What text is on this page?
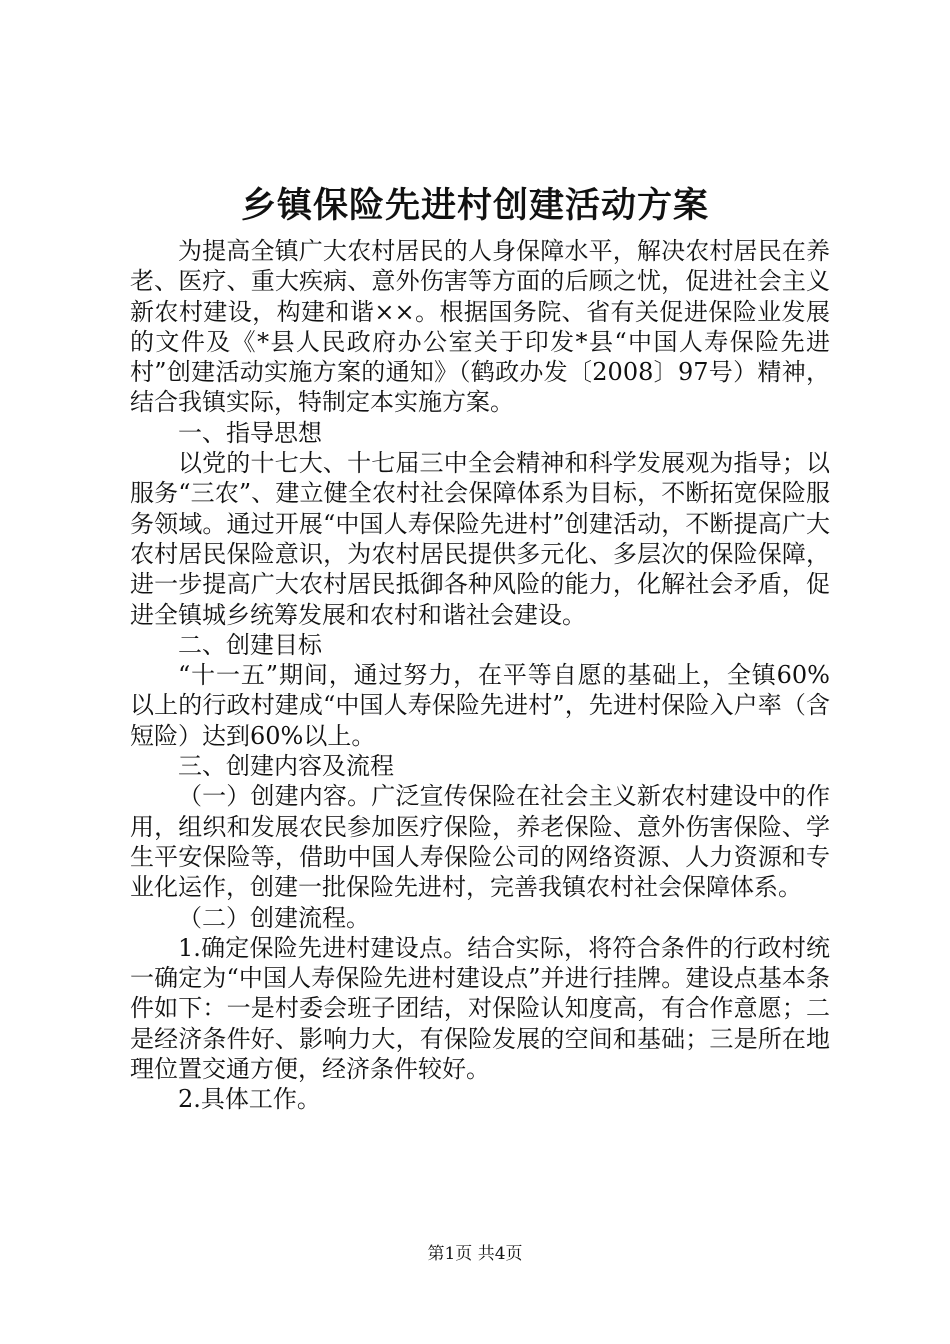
乡镇保险先进村创建活动方案

为提高全镇广大农村居民的人身保障水平，解决农村居民在养老、医疗、重大疾病、意外伤害等方面的后顾之忧，促进社会主义新农村建设，构建和谐××。根据国务院、省有关促进保险业发展的文件及《*县人民政府办公室关于印发*县“中国人寿保险先进村”创建活动实施方案的通知》（鹤政办发〔2008〕97号）精神，结合我镇实际，特制定本实施方案。

一、指导思想

以党的十七大、十七届三中全会精神和科学发展观为指导；以服务“三农”、建立健全农村社会保障体系为目标，不断拓宽保险服务领域。通过开展“中国人寿保险先进村”创建活动，不断提高广大农村居民保险意识，为农村居民提供多元化、多层次的保险保障，进一步提高广大农村居民抵御各种风险的能力，化解社会矛盾，促进全镇城乡统筹发展和农村和谐社会建设。

二、创建目标

“十一五”期间，通过努力，在平等自愿的基础上，全镇60%以上的行政村建成“中国人寿保险先进村”，先进村保险入户率（含短险）达到60%以上。

三、创建内容及流程

（一）创建内容。广泛宣传保险在社会主义新农村建设中的作用，组织和发展农民参加医疗保险，养老保险、意外伤害保险、学生平安保险等，借助中国人寿保险公司的网络资源、人力资源和专业化运作，创建一批保险先进村，完善我镇农村社会保障体系。

（二）创建流程。

1.确定保险先进村建设点。结合实际，将符合条件的行政村统一确定为“中国人寿保险先进村建设点”并进行挂牌。建设点基本条件如下：一是村委会班子团结，对保险认知度高，有合作意愿；二是经济条件好、影响力大，有保险发展的空间和基础；三是所在地理位置交通方便，经济条件较好。

2.具体工作。

第1页 共4页
